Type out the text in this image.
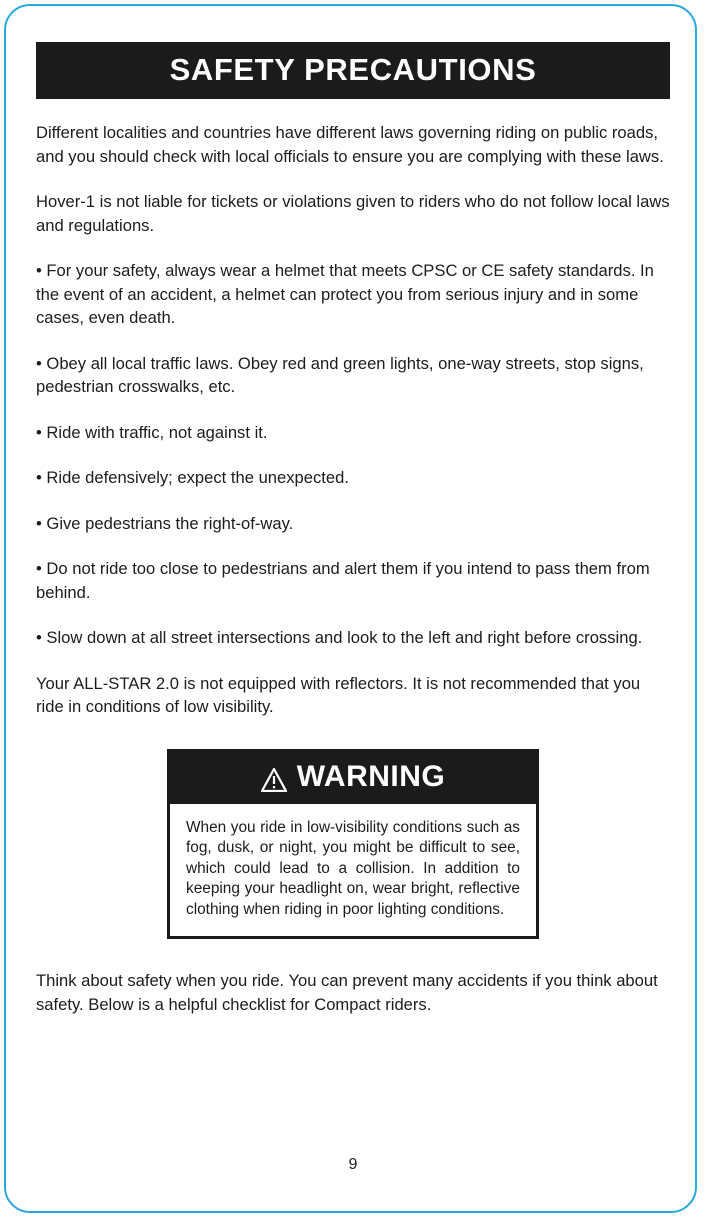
SAFETY PRECAUTIONS

Different localities and countries have different laws governing riding on public roads, and you should check with local officials to ensure you are complying with these laws.

Hover-1 is not liable for tickets or violations given to riders who do not follow local laws and regulations.

• For your safety, always wear a helmet that meets CPSC or CE safety standards. In the event of an accident, a helmet can protect you from serious injury and in some cases, even death.

• Obey all local traffic laws. Obey red and green lights, one-way streets, stop signs, pedestrian crosswalks, etc.

• Ride with traffic, not against it.

• Ride defensively; expect the unexpected.

• Give pedestrians the right-of-way.

• Do not ride too close to pedestrians and alert them if you intend to pass them from behind.

• Slow down at all street intersections and look to the left and right before crossing.

Your ALL-STAR 2.0 is not equipped with reflectors. It is not recommended that you ride in conditions of low visibility.

WARNING
When you ride in low-visibility conditions such as fog, dusk, or night, you might be difficult to see, which could lead to a collision. In addition to keeping your headlight on, wear bright, reflective clothing when riding in poor lighting conditions.
Think about safety when you ride. You can prevent many accidents if you think about safety. Below is a helpful checklist for Compact riders.
9
